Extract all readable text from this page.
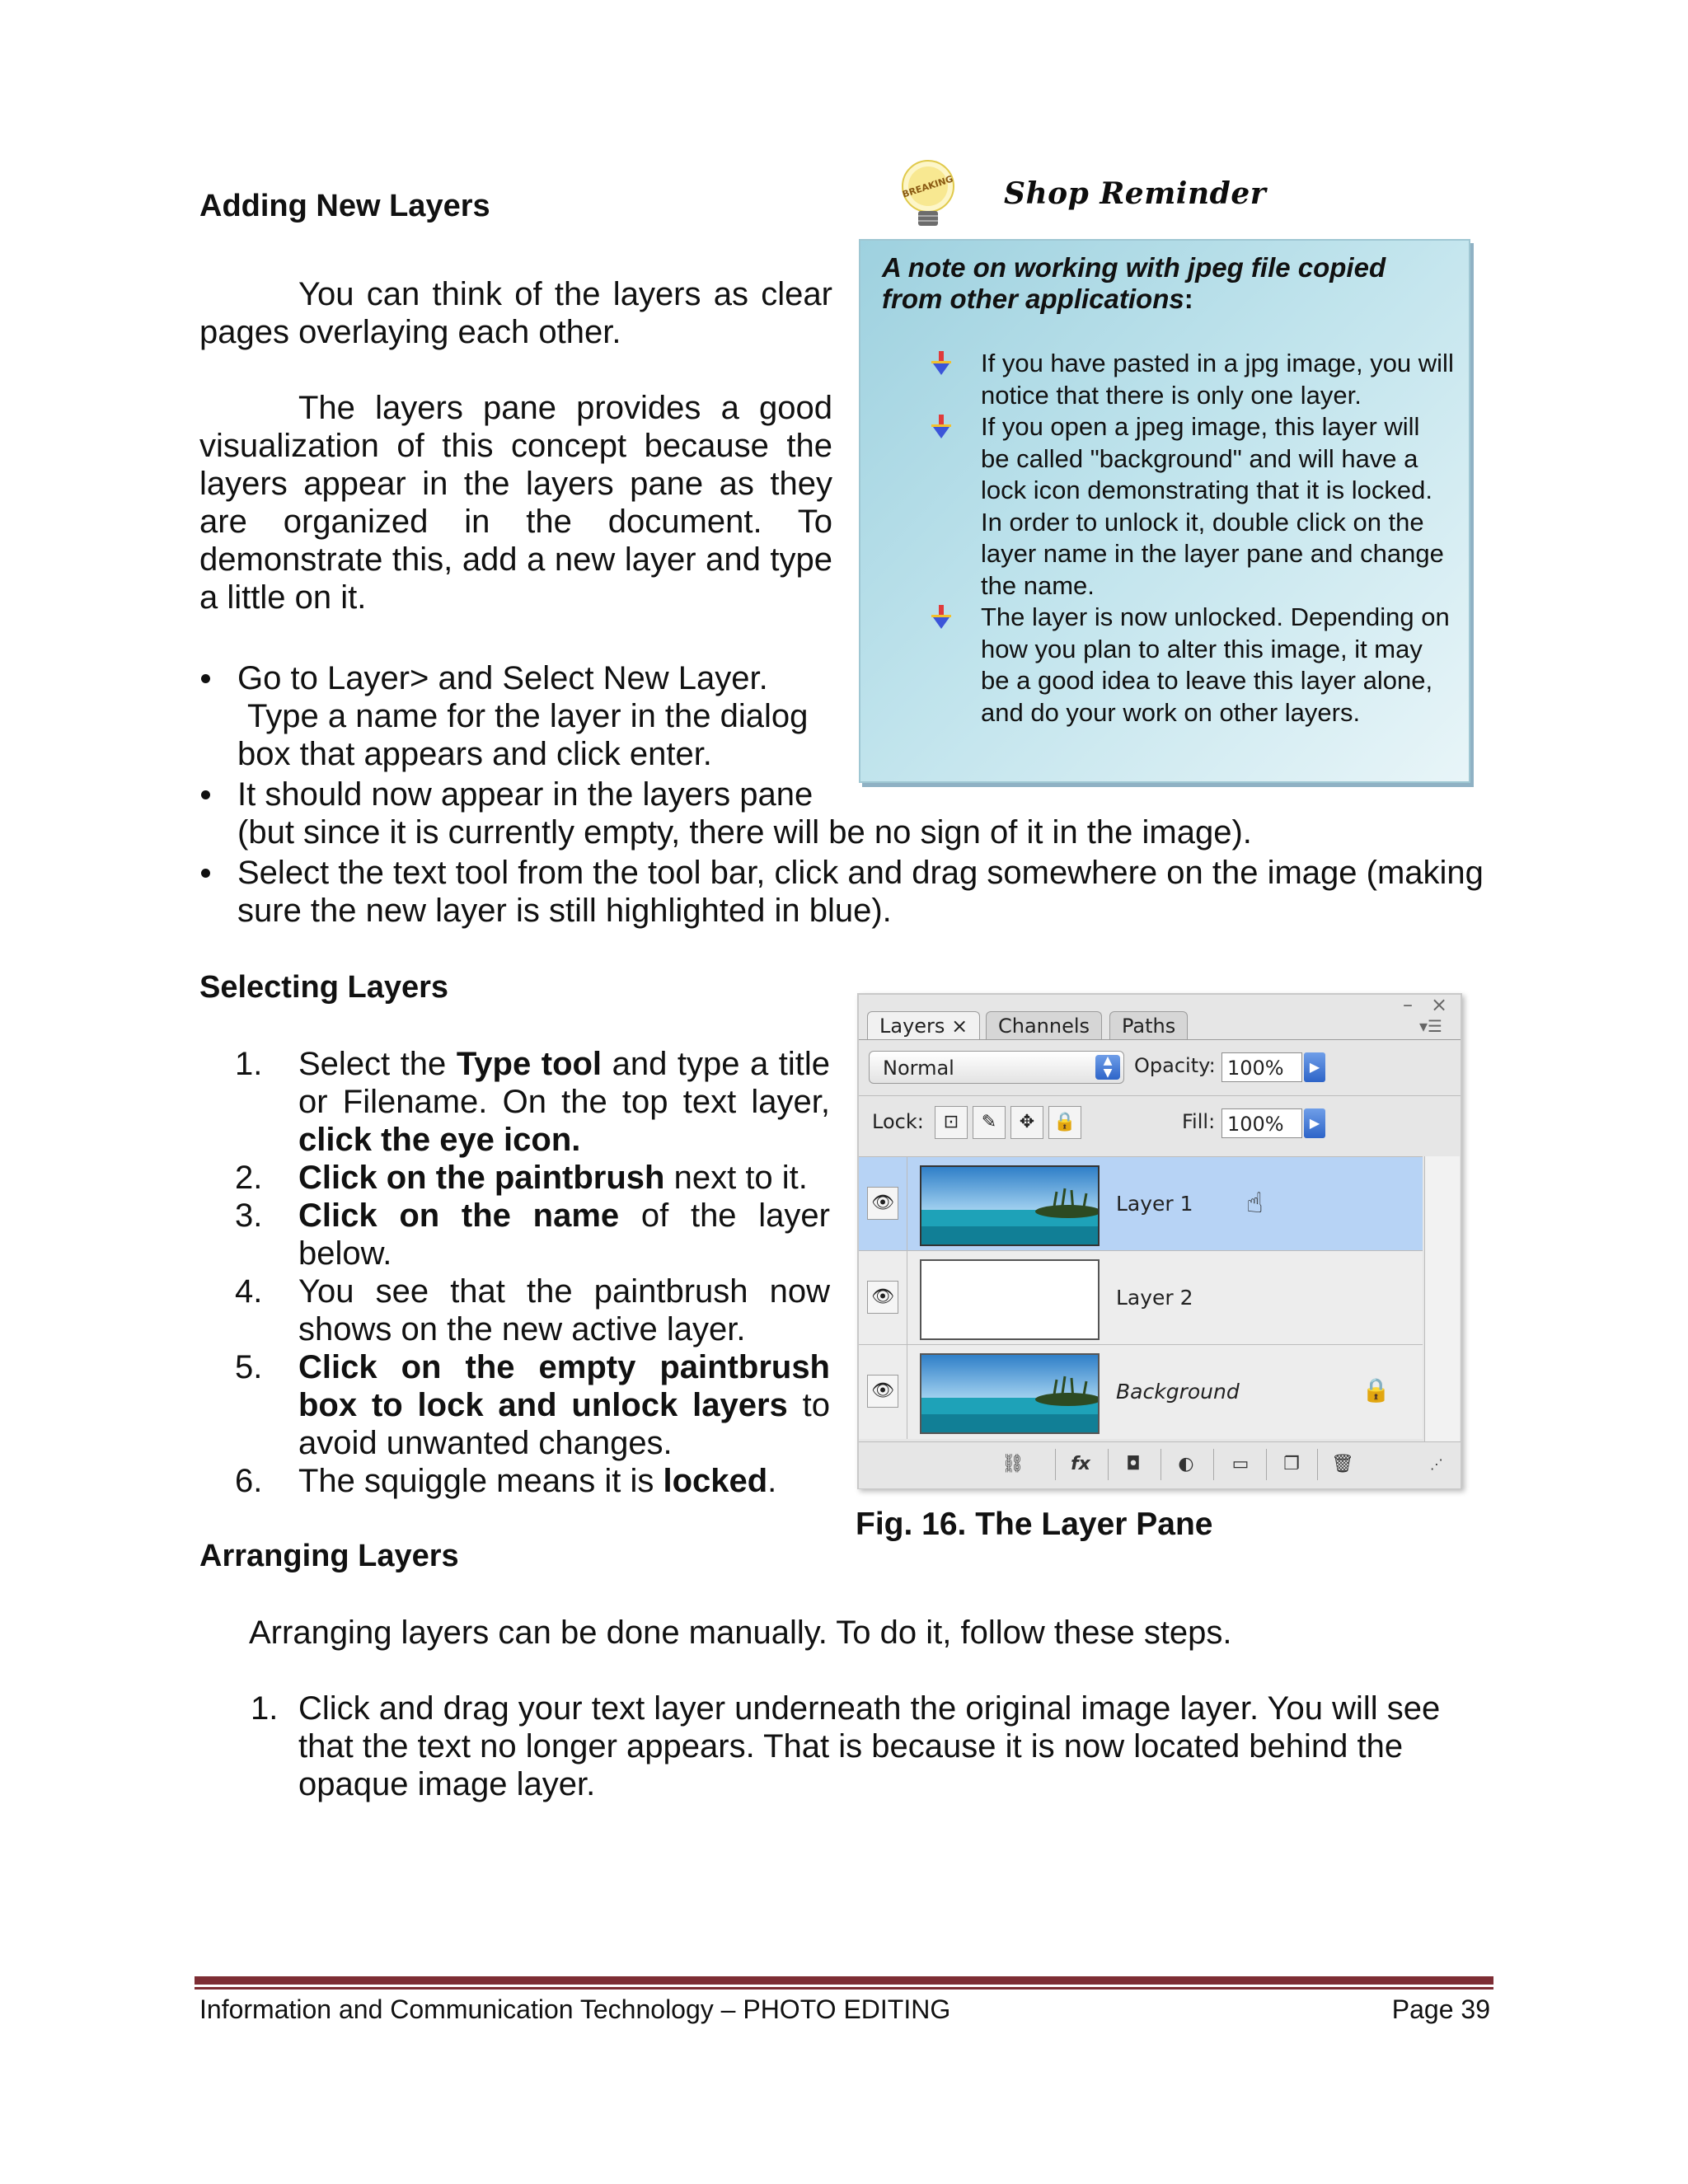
Adding New Layers
You can think of the layers as clear pages overlaying each other.
The layers pane provides a good visualization of this concept because the layers appear in the layers pane as they are organized in the document. To demonstrate this, add a new layer and type a little on it.
Go to Layer> and Select New Layer.
Type a name for the layer in the dialog box that appears and click enter.
It should now appear in the layers pane
(but since it is currently empty, there will be no sign of it in the image).
Select the text tool from the tool bar, click and drag somewhere on the image (making sure the new layer is still highlighted in blue).
BREAKING Shop Reminder
A note on working with jpeg file copied from other applications:
If you have pasted in a jpg image, you will notice that there is only one layer.
If you open a jpeg image, this layer will be called "background" and will have a lock icon demonstrating that it is locked. In order to unlock it, double click on the layer name in the layer pane and change the name.
The layer is now unlocked. Depending on how you plan to alter this image, it may be a good idea to leave this layer alone, and do your work on other layers.
Selecting Layers
1. Select the Type tool and type a title or Filename. On the top text layer, click the eye icon.
2. Click on the paintbrush next to it.
3. Click on the name of the layer below.
4. You see that the paintbrush now shows on the new active layer.
5. Click on the empty paintbrush box to lock and unlock layers to avoid unwanted changes.
6. The squiggle means it is locked.
– ×
Layers ×	Channels	Paths	▾☰
Normal	▲
▼	Opacity: 100%	▶
Lock:	⊡	✎	✥	🔒	Fill: 100%	▶
👁	Layer 1 ☝
👁	Layer 2
👁	Background	🔒
⛓	fx	◘	◐	▭	❐	🗑	⋰
Fig. 16. The Layer Pane
Arranging Layers
Arranging layers can be done manually. To do it, follow these steps.
1. Click and drag your text layer underneath the original image layer. You will see that the text no longer appears. That is because it is now located behind the opaque image layer.
Information and Communication Technology – PHOTO EDITING	Page 39
